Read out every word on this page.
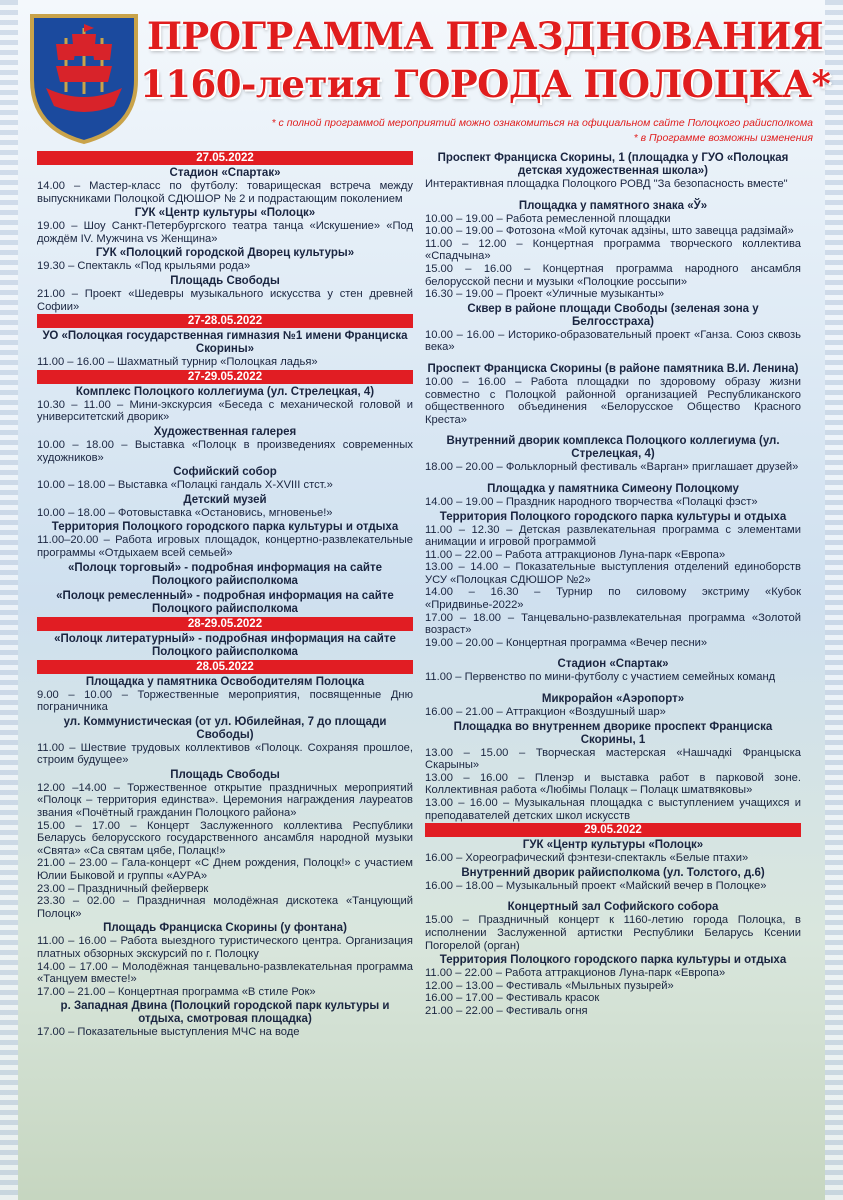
ПРОГРАММА ПРАЗДНОВАНИЯ
1160-летия ГОРОДА ПОЛОЦКА*
* с полной программой мероприятий можно ознакомиться на официальном сайте Полоцкого райисполкома
* в Программе возможны изменения
27.05.2022
Стадион «Спартак»
14.00 – Мастер-класс по футболу: товарищеская встреча между выпускниками Полоцкой СДЮШОР № 2 и подрастающим поколением
ГУК «Центр культуры «Полоцк»
19.00 – Шоу Санкт-Петербургского театра танца «Искушение» «Под дождём IV. Мужчина vs Женщина»
ГУК «Полоцкий городской Дворец культуры»
19.30 – Спектакль «Под крыльями рода»
Площадь Свободы
21.00 – Проект «Шедевры музыкального искусства у стен древней Софии»
27-28.05.2022
УО «Полоцкая государственная гимназия №1 имени Франциска Скорины»
11.00 – 16.00 – Шахматный турнир «Полоцкая ладья»
27-29.05.2022
Комплекс Полоцкого коллегиума (ул. Стрелецкая, 4)
10.30 – 11.00 – Мини-экскурсия «Беседа с механической головой и университетский дворик»
Художественная галерея
10.00 – 18.00 – Выставка «Полоцк в произведениях современных художников»
Софийский собор
10.00 – 18.00 – Выставка «Полацкі гандаль X-XVIII стст.»
Детский музей
10.00 – 18.00 – Фотовыставка «Остановись, мгновенье!»
Территория Полоцкого городского парка культуры и отдыха
11.00–20.00 – Работа игровых площадок, концертно-развлекательные программы «Отдыхаем всей семьей»
«Полоцк торговый» - подробная информация на сайте Полоцкого райисполкома
«Полоцк ремесленный» - подробная информация на сайте Полоцкого райисполкома
28-29.05.2022
«Полоцк литературный» - подробная информация на сайте Полоцкого райисполкома
28.05.2022
Площадка у памятника Освободителям Полоцка
9.00 – 10.00 – Торжественные мероприятия, посвященные Дню пограничника
ул. Коммунистическая (от ул. Юбилейная, 7 до площади Свободы)
11.00 – Шествие трудовых коллективов «Полоцк. Сохраняя прошлое, строим будущее»
Площадь Свободы
12.00 –14.00 – Торжественное открытие праздничных мероприятий «Полоцк – территория единства». Церемония награждения лауреатов звания «Почётный гражданин Полоцкого района»
15.00 – 17.00 – Концерт Заслуженного коллектива Республики Беларусь белорусского государственного ансамбля народной музыки «Свята» «Са святам цябе, Полацк!»
21.00 – 23.00 – Гала-концерт «С Днем рождения, Полоцк!» с участием Юлии Быковой и группы «АУРА»
23.00 – Праздничный фейерверк
23.30 – 02.00 – Праздничная молодёжная дискотека «Танцующий Полоцк»
Площадь Франциска Скорины (у фонтана)
11.00 – 16.00 – Работа выездного туристического центра. Организация платных обзорных экскурсий по г. Полоцку
14.00 – 17.00 – Молодёжная танцевально-развлекательная программа «Танцуем вместе!»
17.00 – 21.00 – Концертная программа «В стиле Рок»
р. Западная Двина (Полоцкий городской парк культуры и отдыха, смотровая площадка)
17.00 – Показательные выступления МЧС на воде
Проспект Франциска Скорины, 1 (площадка у ГУО «Полоцкая детская художественная школа»)
Интерактивная площадка Полоцкого РОВД "За безопасность вместе"
Площадка у памятного знака «Ў»
10.00 – 19.00 – Работа ремесленной площадки
10.00 – 19.00 – Фотозона «Мой куточак адзіны, што завецца радзімай»
11.00 – 12.00 – Концертная программа творческого коллектива «Спадчына»
15.00 – 16.00 – Концертная программа народного ансамбля белорусской песни и музыки «Полоцкие россыпи»
16.30 – 19.00 – Проект «Уличные музыканты»
Сквер в районе площади Свободы (зеленая зона у Белгосстраха)
10.00 – 16.00 – Историко-образовательный проект «Ганза. Союз сквозь века»
Проспект Франциска Скорины (в районе памятника В.И. Ленина)
10.00 – 16.00 – Работа площадки по здоровому образу жизни совместно с Полоцкой районной организацией Республиканского общественного объединения «Белорусское Общество Красного Креста»
Внутренний дворик комплекса Полоцкого коллегиума (ул. Стрелецкая, 4)
18.00 – 20.00 – Фольклорный фестиваль «Варган» приглашает друзей»
Площадка у памятника Симеону Полоцкому
14.00 – 19.00 – Праздник народного творчества «Полацкі фэст»
Территория Полоцкого городского парка культуры и отдыха
11.00 – 12.30 – Детская развлекательная программа с элементами анимации и игровой программой
11.00 – 22.00 – Работа аттракционов Луна-парк «Европа»
13.00 – 14.00 – Показательные выступления отделений единоборств УСУ «Полоцкая СДЮШОР №2»
14.00 – 16.30 – Турнир по силовому экстриму «Кубок «Придвинье-2022»
17.00 – 18.00 – Танцевально-развлекательная программа «Золотой возраст»
19.00 – 20.00 – Концертная программа «Вечер песни»
Стадион «Спартак»
11.00 – Первенство по мини-футболу с участием семейных команд
Микрорайон «Аэропорт»
16.00 – 21.00 – Аттракцион «Воздушный шар»
Площадка во внутреннем дворике проспект Франциска Скорины, 1
13.00 – 15.00 – Творческая мастерская «Нашчадкі Францыска Скарыны»
13.00 – 16.00 – Пленэр и выставка работ в парковой зоне. Коллективная работа «Любімы Полацк – Полацк шматвяковы»
13.00 – 16.00 – Музыкальная площадка с выступлением учащихся и преподавателей детских школ искусств
29.05.2022
ГУК «Центр культуры «Полоцк»
16.00 – Хореографический фэнтези-спектакль «Белые птахи»
Внутренний дворик райисполкома (ул. Толстого, д.6)
16.00 – 18.00 – Музыкальный проект «Майский вечер в Полоцке»
Концертный зал Софийского собора
15.00 – Праздничный концерт к 1160-летию города Полоцка, в исполнении Заслуженной артистки Республики Беларусь Ксении Погорелой (орган)
Территория Полоцкого городского парка культуры и отдыха
11.00 – 22.00 – Работа аттракционов Луна-парк «Европа»
12.00 – 13.00 – Фестиваль «Мыльных пузырей»
16.00 – 17.00 – Фестиваль красок
21.00 – 22.00 – Фестиваль огня
